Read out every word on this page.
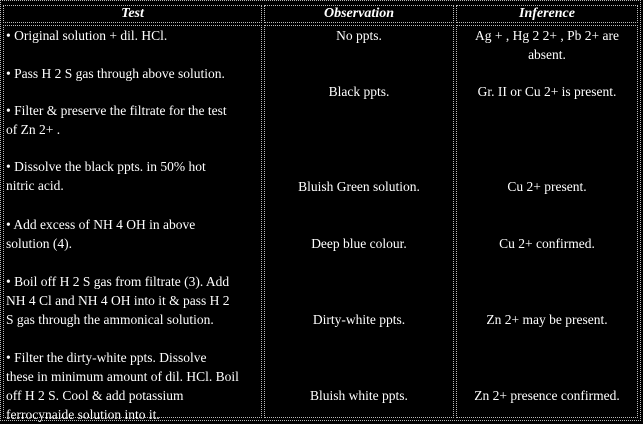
Test	Observation	Inference
• Original solution + dil. HCl.
• Pass H 2 S gas through above solution.
• Filter & preserve the filtrate for the test
of Zn 2+ .
• Dissolve the black ppts. in 50% hot
nitric acid.
• Add excess of NH 4 OH in above
solution (4).
• Boil off H 2 S gas from filtrate (3). Add
NH 4 Cl and NH 4 OH into it & pass H 2
S gas through the ammonical solution.
• Filter the dirty-white ppts. Dissolve
these in minimum amount of dil. HCl. Boil
off H 2 S. Cool & add potassium
ferrocynaide solution into it.
No ppts.
Black ppts.
Bluish Green solution.
Deep blue colour.
Dirty-white ppts.
Bluish white ppts.
Ag + , Hg 2 2+ , Pb 2+ are
absent.
Gr. II or Cu 2+ is present.
Cu 2+ present.
Cu 2+ confirmed.
Zn 2+ may be present.
Zn 2+ presence confirmed.
